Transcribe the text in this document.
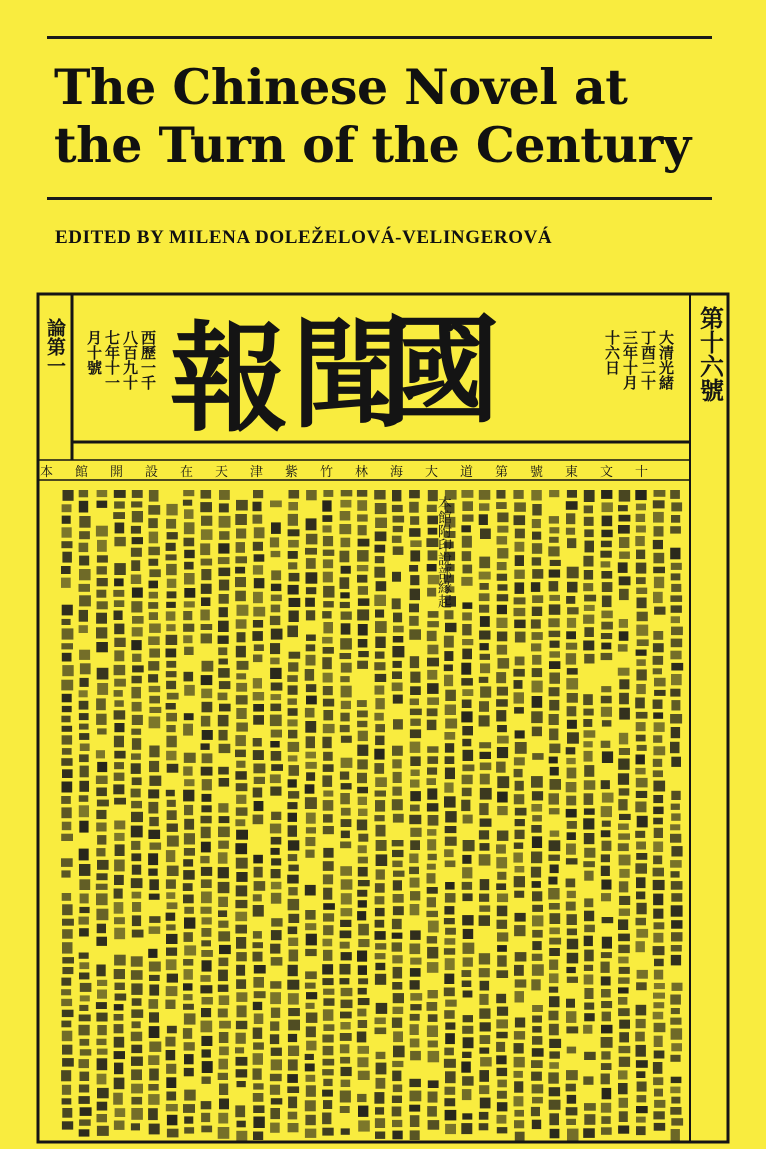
The Chinese Novel at
the Turn of the Century
EDITED BY MILENA DOLEŽELOVÁ-VELINGEROVÁ
論第一	第十六號
國
聞
報
西歷一千
八百九十
七年十一
月十號	大清光緒
丁酉二十
三年十月
十六日
本館開設在天津紫竹林海大道第號東文十
本館附印說部緣起
